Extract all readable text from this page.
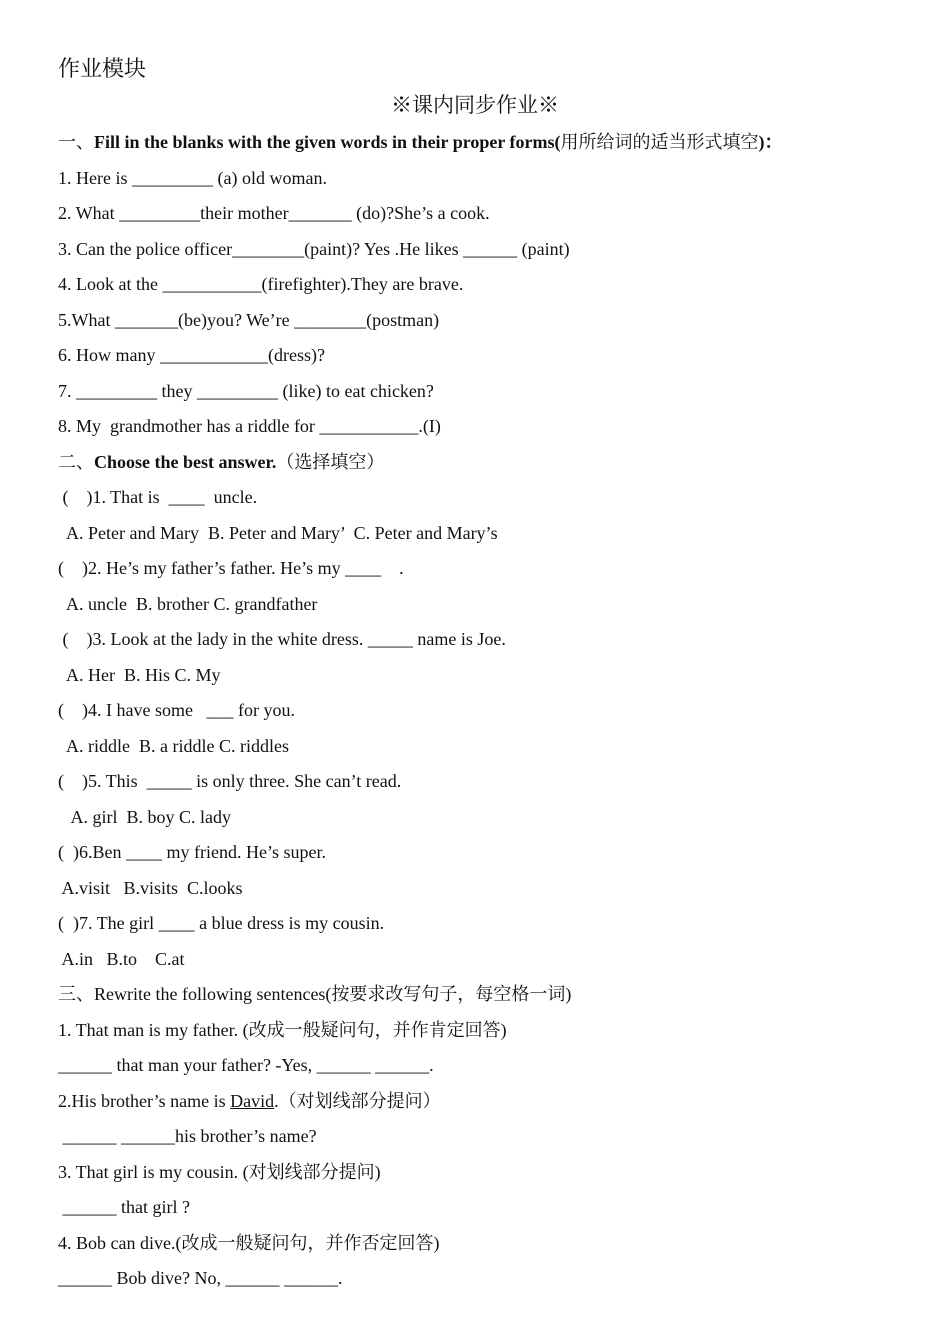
作业模块
※课内同步作业※
一、Fill in the blanks with the given words in their proper forms(用所给词的适当形式填空)：
1. Here is _________ (a) old woman.
2. What _________their mother_______ (do)?She’s a cook.
3. Can the police officer________(paint)? Yes .He likes ______ (paint)
4. Look at the ___________(firefighter).They are brave.
5.What _______(be)you? We’re ________(postman)
6. How many ____________(dress)?
7. _________ they _________ (like) to eat chicken?
8. My  grandmother has a riddle for ___________.(I)
二、Choose the best answer.（选择填空）
(    )1. That is  ____  uncle.
A. Peter and Mary  B. Peter and Mary’  C. Peter and Mary’s
(    )2. He’s my father’s father. He’s my ____    .
A. uncle  B. brother C. grandfather
(    )3. Look at the lady in the white dress. _____ name is Joe.
A. Her  B. His C. My
(    )4. I have some   ___ for you.
A. riddle  B. a riddle C. riddles
(    )5. This  _____ is only three. She can’t read.
A. girl  B. boy C. lady
(  )6.Ben ____ my friend. He’s super.
A.visit   B.visits  C.looks
(  )7. The girl ____ a blue dress is my cousin.
A.in   B.to    C.at
三、Rewrite the following sentences(按要求改写句子，每空格一词)
1. That man is my father. (改成一般疑问句，并作肯定回答)
______ that man your father? -Yes, ______ ______.
2.His brother’s name is David.（对划线部分提问）
______ ______his brother’s name?
3. That girl is my cousin. (对划线部分提问)
______ that girl ?
4. Bob can dive.(改成一般疑问句，并作否定回答)
______ Bob dive? No, ______ ______.
